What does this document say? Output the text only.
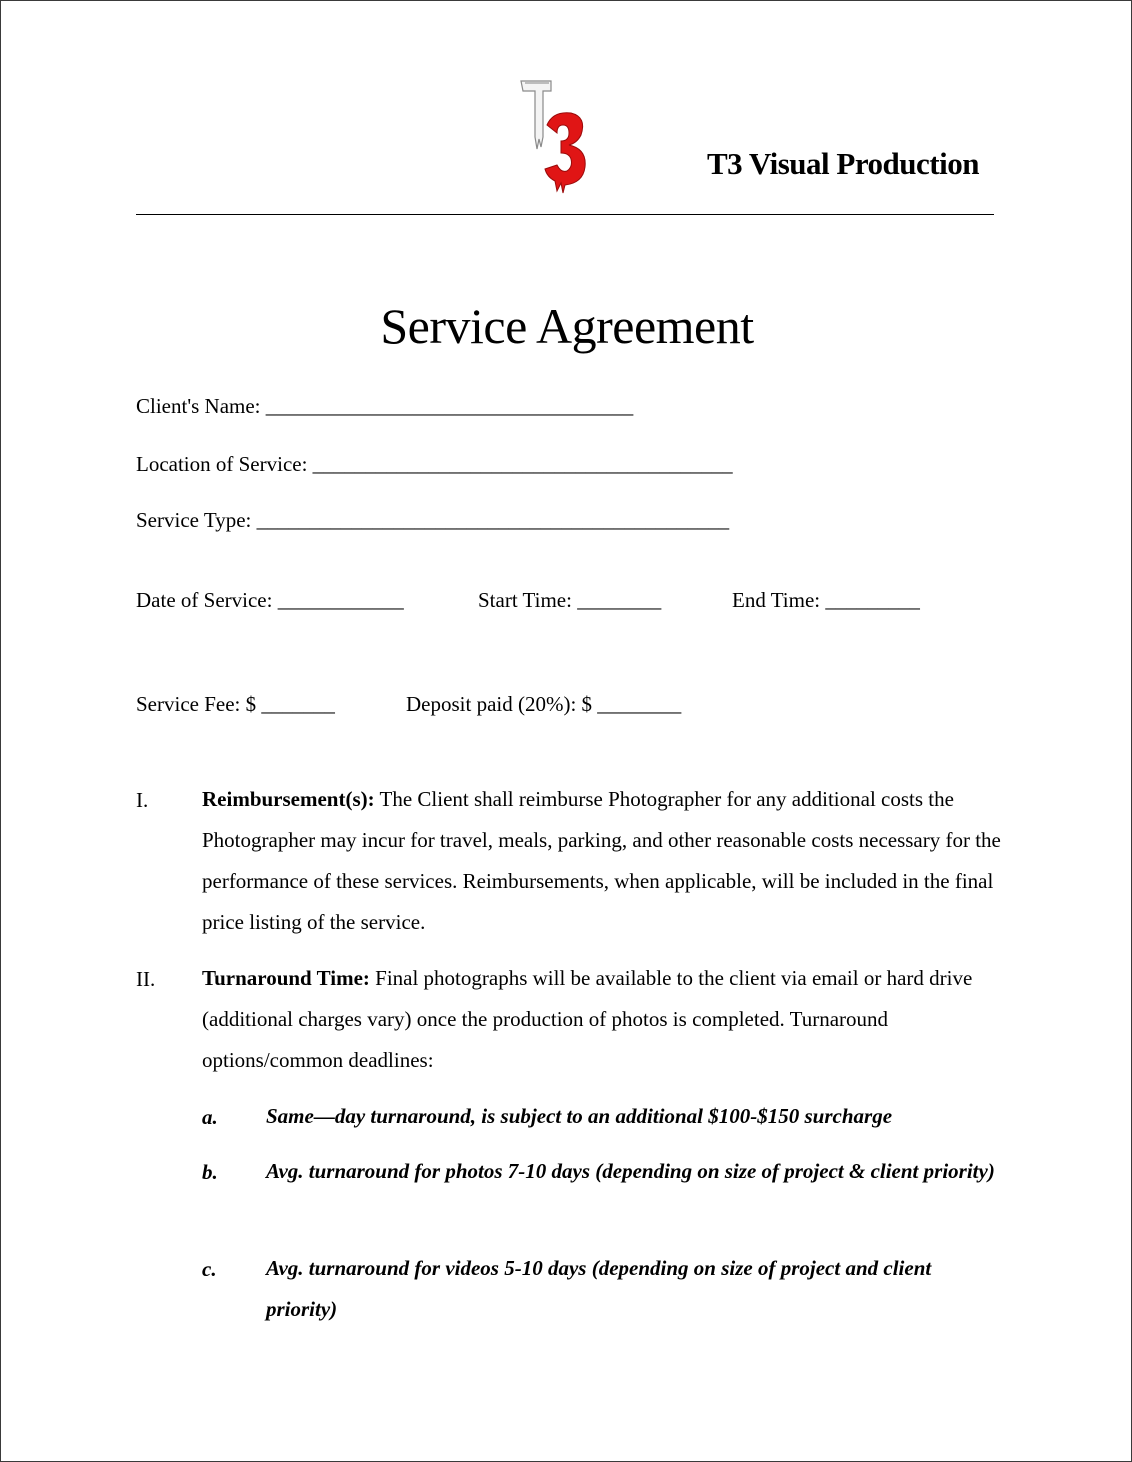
T3 Visual Production
Service Agreement
Client's Name: ___________________________________
Location of Service: ________________________________________
Service Type: _____________________________________________
Date of Service: ____________	Start Time: ________	End Time: _________
Service Fee: $ _______	Deposit paid (20%): $ ________
I.	Reimbursement(s): The Client shall reimburse Photographer for any additional costs the Photographer may incur for travel, meals, parking, and other reasonable costs necessary for the performance of these services. Reimbursements, when applicable, will be included in the final price listing of the service.
II. Turnaround Time: Final photographs will be available to the client via email or hard drive (additional charges vary) once the production of photos is completed. Turnaround options/common deadlines:
a. Same—day turnaround, is subject to an additional $100-$150 surcharge
b. Avg. turnaround for photos 7-10 days (depending on size of project & client priority)
c. Avg. turnaround for videos 5-10 days (depending on size of project and client priority)
